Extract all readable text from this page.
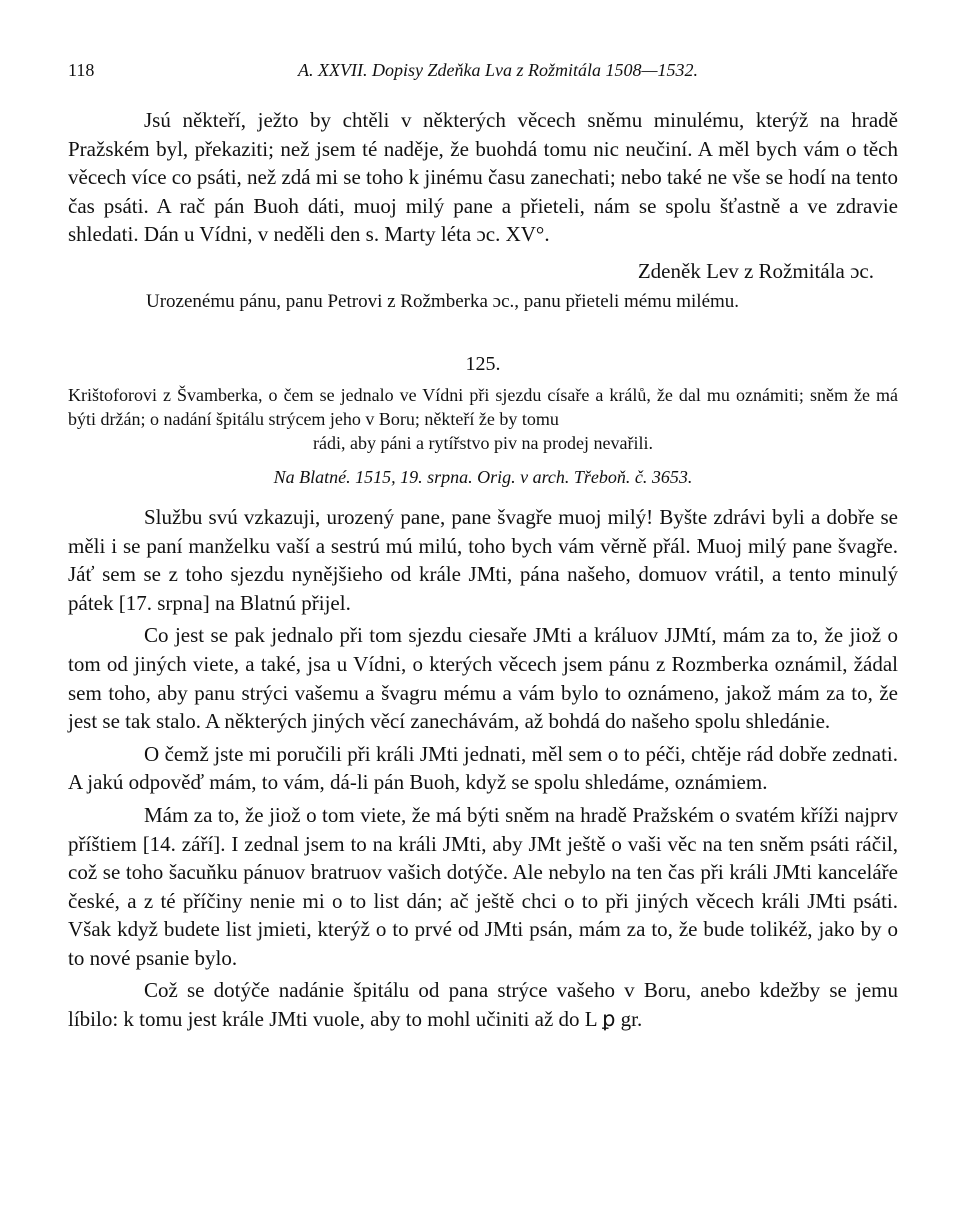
118	A. XXVII. Dopisy Zdeňka Lva z Rožmitála 1508—1532.

Jsú někteří, ježto by chtěli v některých věcech sněmu minulému, kterýž na hradě Pražském byl, překaziti; než jsem té naděje, že buohdá tomu nic neučiní. A měl bych vám o těch věcech více co psáti, než zdá mi se toho k jinému času zanechati; nebo také ne vše se hodí na tento čas psáti. A rač pán Buoh dáti, muoj milý pane a přieteli, nám se spolu šťastně a ve zdravie shledati. Dán u Vídni, v neděli den s. Marty léta ɔc. XV°.

Zdeněk Lev z Rožmitála ɔc.
Urozenému pánu, panu Petrovi z Rožmberka ɔc., panu přieteli mému milému.
125.
Krištoforovi z Švamberka, o čem se jednalo ve Vídni při sjezdu císaře a králů, že dal mu oznámiti; sněm že má býti držán; o nadání špitálu strýcem jeho v Boru; někteří že by tomu
rádi, aby páni a rytířstvo piv na prodej nevařili.
Na Blatné. 1515, 19. srpna. Orig. v arch. Třeboň. č. 3653.

Službu svú vzkazuji, urozený pane, pane švagře muoj milý! Byšte zdrávi byli a dobře se měli i se paní manželku vaší a sestrú mú milú, toho bych vám věrně přál. Muoj milý pane švagře. Jáť sem se z toho sjezdu nynějšieho od krále JMti, pána našeho, domuov vrátil, a tento minulý pátek [17. srpna] na Blatnú přijel.

Co jest se pak jednalo při tom sjezdu ciesaře JMti a králuov JJMtí, mám za to, že jiož o tom od jiných viete, a také, jsa u Vídni, o kterých věcech jsem pánu z Rozmberka oznámil, žádal sem toho, aby panu strýci vašemu a švagru mému a vám bylo to oznámeno, jakož mám za to, že jest se tak stalo. A některých jiných věcí zanechávám, až bohdá do našeho spolu shledánie.

O čemž jste mi poručili při králi JMti jednati, měl sem o to péči, chtěje rád dobře zednati. A jakú odpověď mám, to vám, dá-li pán Buoh, když se spolu shledáme, oznámiem.

Mám za to, že jiož o tom viete, že má býti sněm na hradě Pražském o svatém kříži najprv příštiem [14. září]. I zednal jsem to na králi JMti, aby JMt ještě o vaši věc na ten sněm psáti ráčil, což se toho šacuňku pánuov bratruov vašich dotýče. Ale nebylo na ten čas při králi JMti kanceláře české, a z té příčiny nenie mi o to list dán; ač ještě chci o to při jiných věcech králi JMti psáti. Však když budete list jmieti, kterýž o to prvé od JMti psán, mám za to, že bude tolikéž, jako by o to nové psanie bylo.

Což se dotýče nadánie špitálu od pana strýce vašeho v Boru, anebo kdežby se jemu líbilo: k tomu jest krále JMti vuole, aby to mohl učiniti až do L ꝑ gr.
